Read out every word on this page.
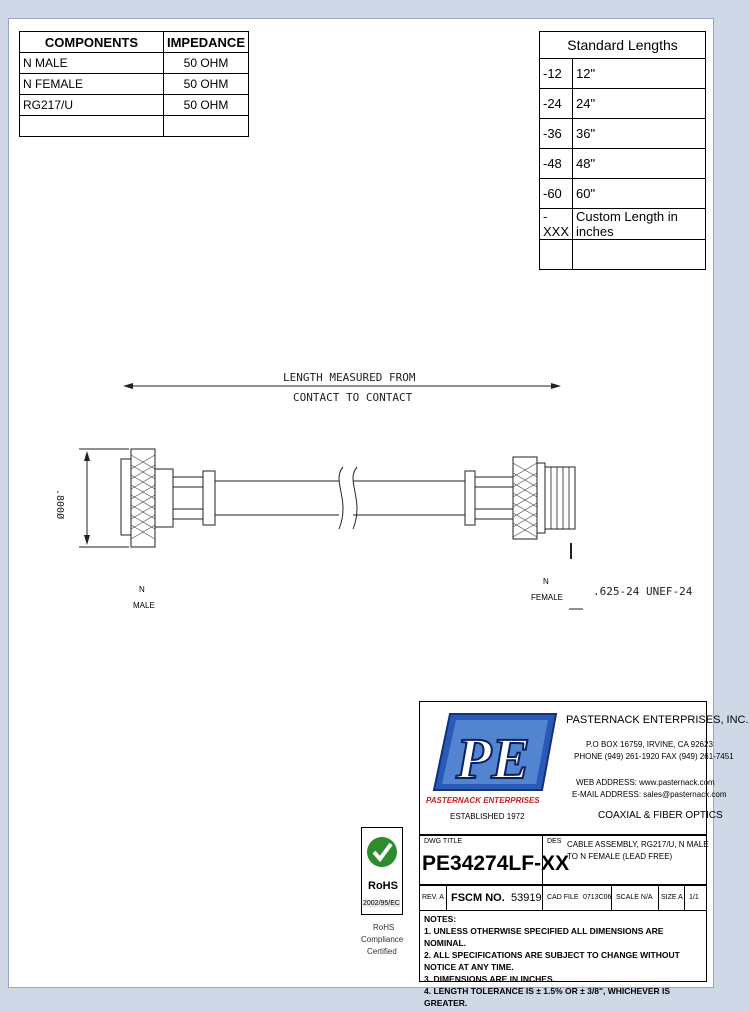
COMPONENTS	IMPEDANCE
N MALE	50 OHM
N FEMALE	50 OHM
RG217/U	50 OHM

Standard Lengths	
-12	12"
-24	24"
-36	36"
-48	48"
-60	60"
-XXX	Custom Length in inches

LENGTH MEASURED FROM
CONTACT TO CONTACT
.800Ø
N
MALE
N
FEMALE	.625-24 UNEF-24
PE
PASTERNACK ENTERPRISES
ESTABLISHED 1972
PASTERNACK ENTERPRISES, INC.
P.O BOX 16759, IRVINE, CA 92623
PHONE (949) 261-1920 FAX (949) 261-7451
WEB ADDRESS: www.pasternack.com
E-MAIL ADDRESS: sales@pasternack.com
COAXIAL & FIBER OPTICS
RoHS
2002/95/EC
RoHS
Compliance
Certified
DWG TITLE
PE34274LF-XX
DES CABLE ASSEMBLY, RG217/U, N MALE
TO N FEMALE (LEAD FREE)
REV. A FSCM NO. 53919 CAD FILE 0713C06 SCALE N/A SIZE A 1/1
NOTES:
1. UNLESS OTHERWISE SPECIFIED ALL DIMENSIONS ARE NOMINAL.
2. ALL SPECIFICATIONS ARE SUBJECT TO CHANGE WITHOUT NOTICE AT ANY TIME.
3. DIMENSIONS ARE IN INCHES.
4. LENGTH TOLERANCE IS ± 1.5% OR ± 3/8", WHICHEVER IS GREATER.
